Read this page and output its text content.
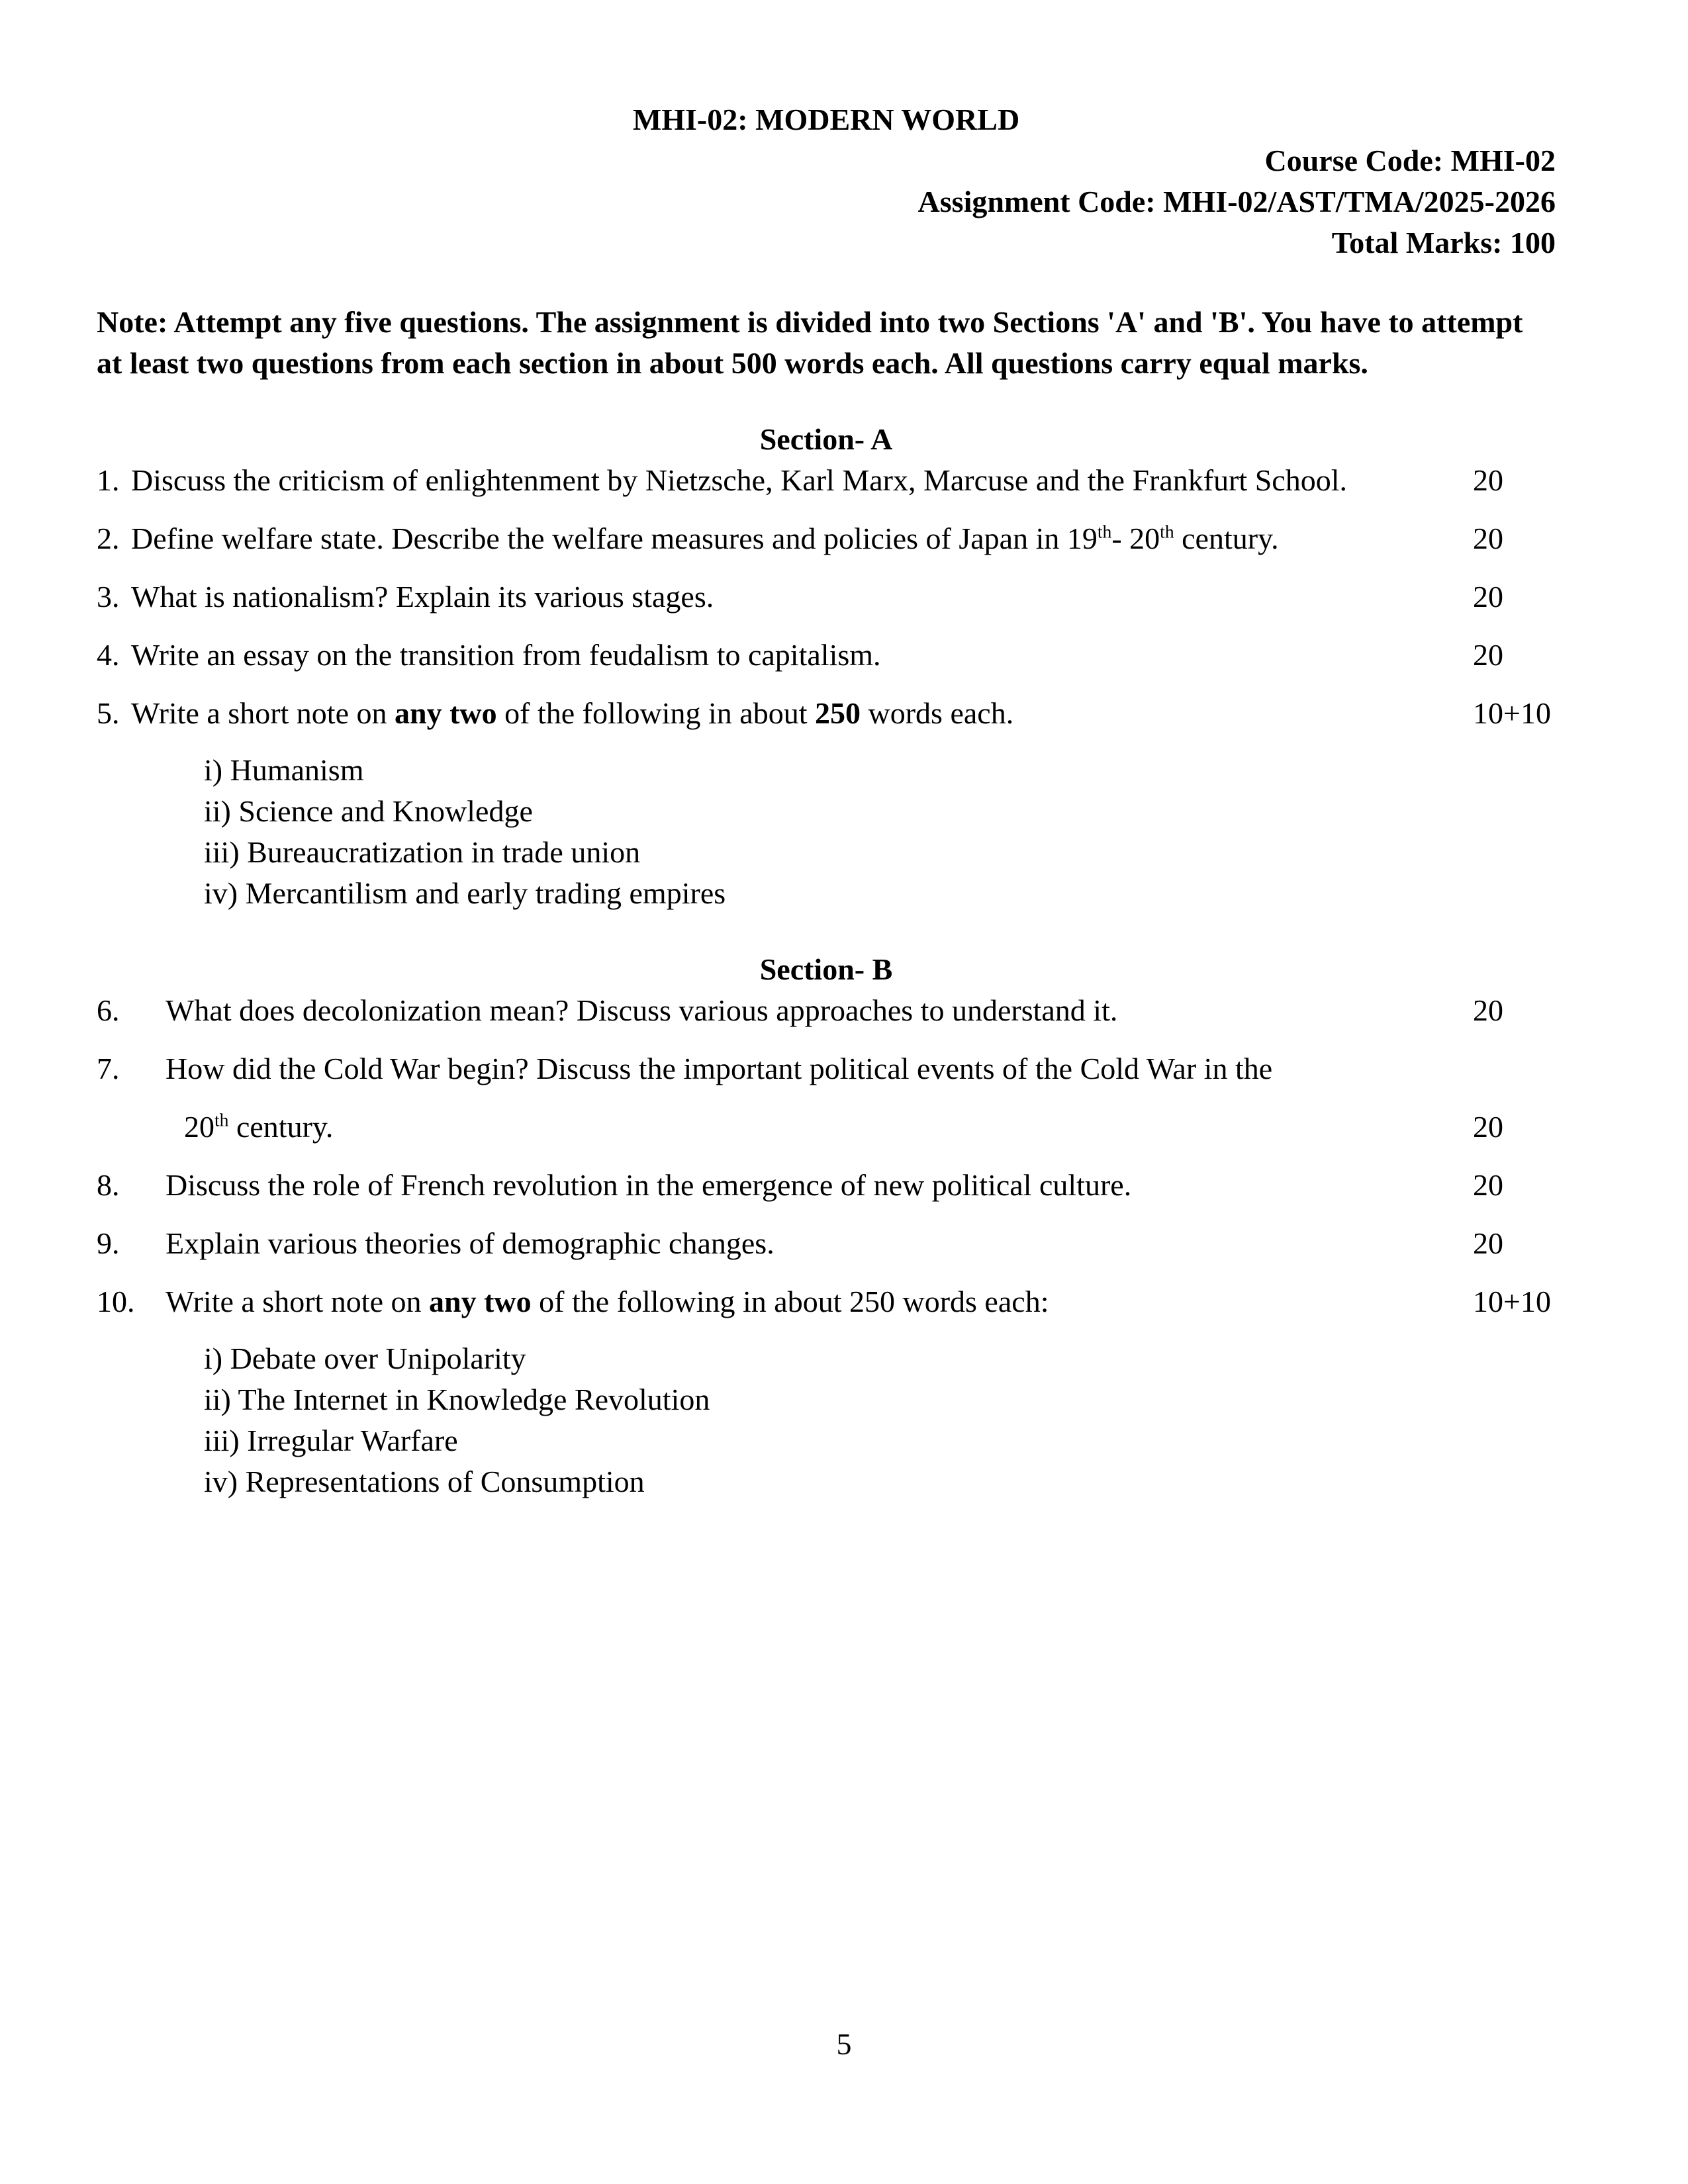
MHI-02: MODERN WORLD
Course Code: MHI-02
Assignment Code: MHI-02/AST/TMA/2025-2026
Total Marks: 100
Note: Attempt any five questions. The assignment is divided into two Sections 'A' and 'B'. You have to attempt at least two questions from each section in about 500 words each. All questions carry equal marks.
Section- A
1. Discuss the criticism of enlightenment by Nietzsche, Karl Marx, Marcuse and the Frankfurt School.	20
2. Define welfare state. Describe the welfare measures and policies of Japan in 19th- 20th century.	20
3. What is nationalism? Explain its various stages.	20
4. Write an essay on the transition from feudalism to capitalism.	20
5. Write a short note on any two of the following in about 250 words each.	10+10
i) Humanism
ii) Science and Knowledge
iii) Bureaucratization in trade union
iv) Mercantilism and early trading empires
Section- B
6.	What does decolonization mean? Discuss various approaches to understand it.	20
7.	How did the Cold War begin? Discuss the important political events of the Cold War in the
20th century.	20
8.	Discuss the role of French revolution in the emergence of new political culture.	20
9.	Explain various theories of demographic changes.	20
10.	Write a short note on any two of the following in about 250 words each:	10+10
i) Debate over Unipolarity
ii) The Internet in Knowledge Revolution
iii) Irregular Warfare
iv) Representations of Consumption
5
